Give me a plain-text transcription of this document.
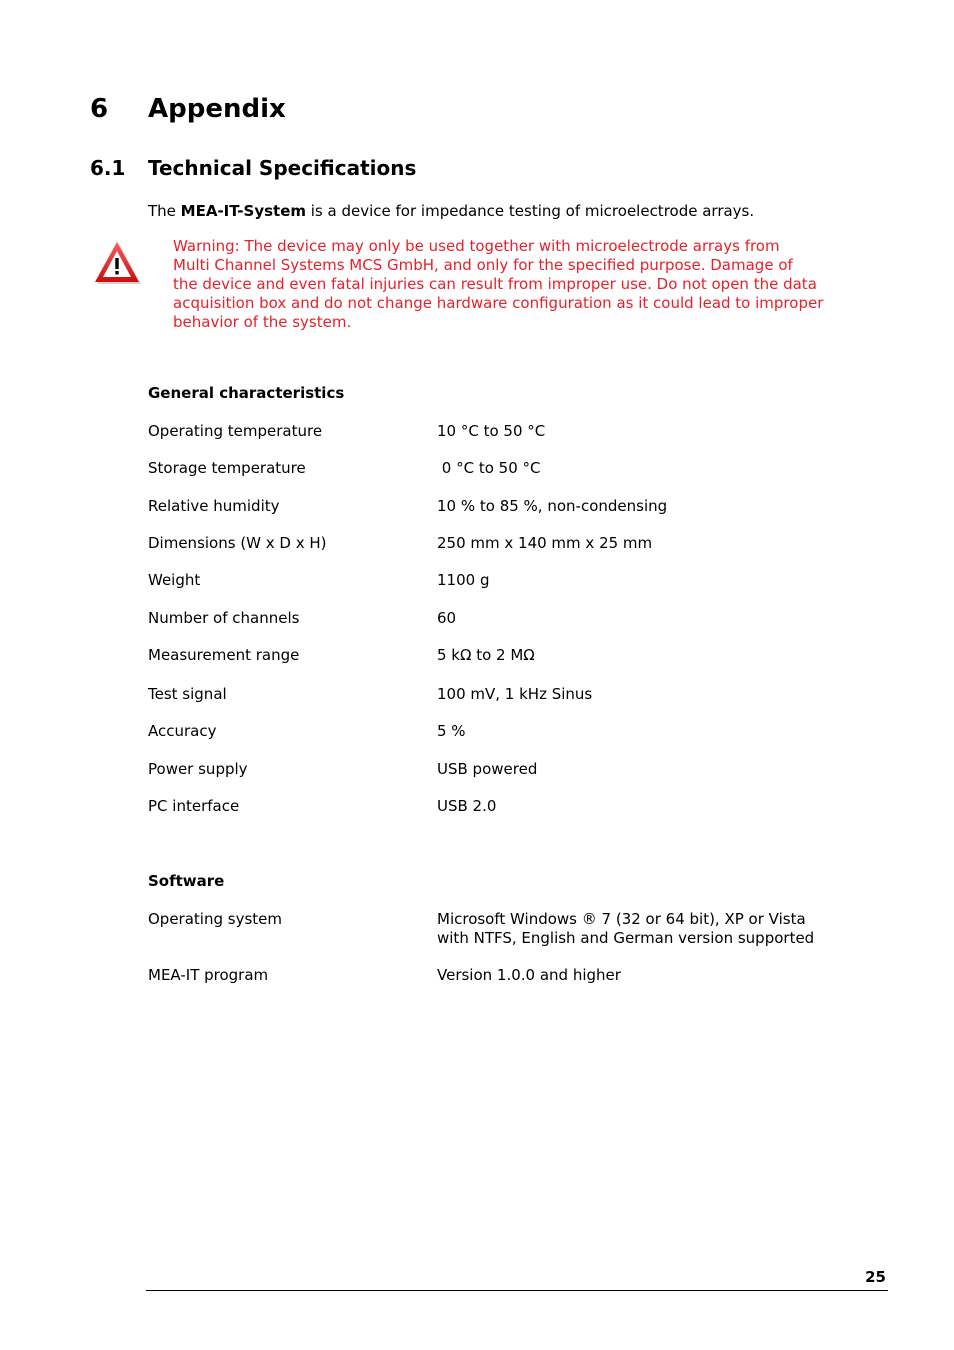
6 Appendix
6.1 Technical Specifications
The MEA-IT-System is a device for impedance testing of microelectrode arrays.
Warning: The device may only be used together with microelectrode arrays from
Multi Channel Systems MCS GmbH, and only for the specified purpose. Damage of
the device and even fatal injuries can result from improper use. Do not open the data
acquisition box and do not change hardware configuration as it could lead to improper
behavior of the system.
General characteristics
Operating temperature	10 °C to 50 °C
Storage temperature	0 °C to 50 °C
Relative humidity	10 % to 85 %, non-condensing
Dimensions (W x D x H)	250 mm x 140 mm x 25 mm
Weight	1100 g
Number of channels	60
Measurement range	5 kΩ to 2 MΩ
Test signal	100 mV, 1 kHz Sinus
Accuracy	5 %
Power supply	USB powered
PC interface	USB 2.0
Software
Operating system	Microsoft Windows ® 7 (32 or 64 bit), XP or Vista
with NTFS, English and German version supported
MEA-IT program	Version 1.0.0 and higher
25
